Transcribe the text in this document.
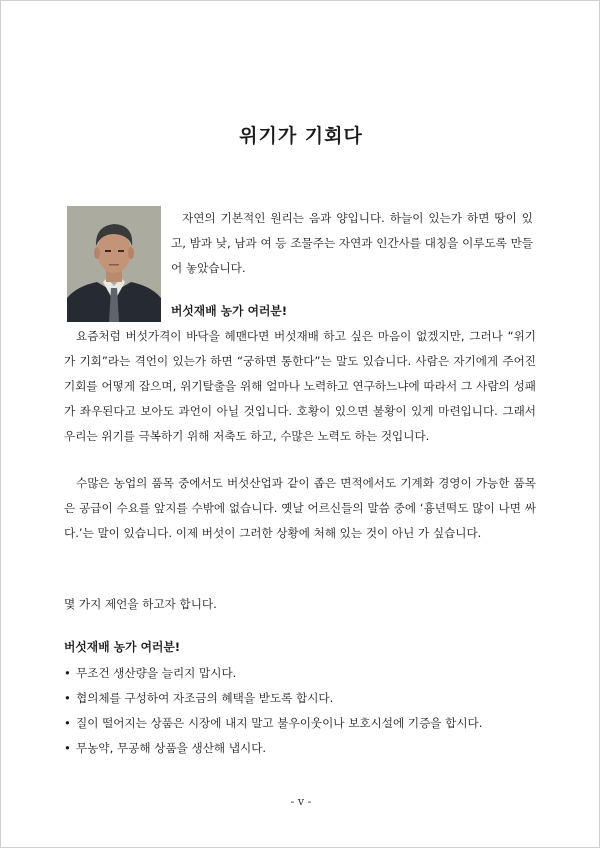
위기가 기회다

자연의 기본적인 원리는 음과 양입니다. 하늘이 있는가 하면 땅이 있고, 밤과 낮, 남과 여 등 조물주는 자연과 인간사를 대칭을 이루도록 만들어 놓았습니다.

버섯재배 농가 여러분!

요즘처럼 버섯가격이 바닥을 헤맨다면 버섯재배 하고 싶은 마음이 없겠지만, 그러나 “위기가 기회”라는 격언이 있는가 하면 “궁하면 통한다”는 말도 있습니다. 사람은 자기에게 주어진 기회를 어떻게 잡으며, 위기탈출을 위해 얼마나 노력하고 연구하느냐에 따라서 그 사람의 성패가 좌우된다고 보아도 과언이 아닐 것입니다. 호황이 있으면 불황이 있게 마련입니다. 그래서 우리는 위기를 극복하기 위해 저축도 하고, 수많은 노력도 하는 것입니다.

수많은 농업의 품목 중에서도 버섯산업과 같이 좁은 면적에서도 기계화 경영이 가능한 품목은 공급이 수요를 앞지를 수밖에 없습니다. 옛날 어르신들의 말씀 중에 ‘흉년떡도 많이 나면 싸다.’는 말이 있습니다. 이제 버섯이 그러한 상황에 처해 있는 것이 아닌 가 싶습니다.

몇 가지 제언을 하고자 합니다.

버섯재배 농가 여러분!

• 무조건 생산량을 늘리지 맙시다.
• 협의체를 구성하여 자조금의 혜택을 받도록 합시다.
• 질이 떨어지는 상품은 시장에 내지 말고 불우이웃이나 보호시설에 기증을 합시다.
• 무농약, 무공해 상품을 생산해 냅시다.

- v -
